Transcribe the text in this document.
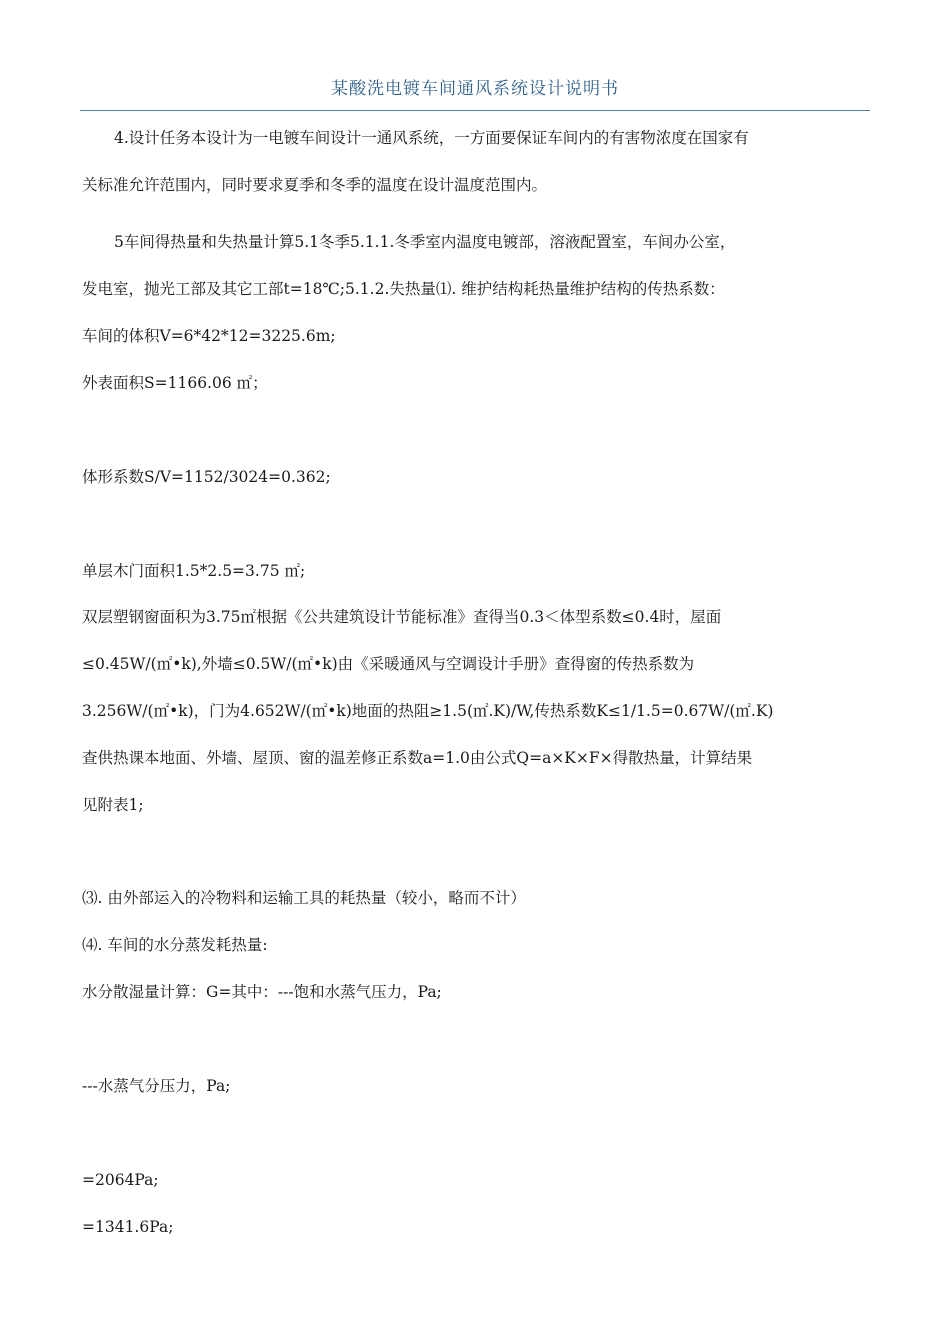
某酸洗电镀车间通风系统设计说明书
4.设计任务本设计为一电镀车间设计一通风系统，一方面要保证车间内的有害物浓度在国家有
关标准允许范围内，同时要求夏季和冬季的温度在设计温度范围内。
5车间得热量和失热量计算5.1冬季5.1.1.冬季室内温度电镀部，溶液配置室，车间办公室，
发电室，抛光工部及其它工部t=18℃;5.1.2.失热量⑴. 维护结构耗热量维护结构的传热系数：
车间的体积V=6*42*12=3225.6m;
外表面积S=1166.06 ㎡；
体形系数S/V=1152/3024=0.362;
单层木门面积1.5*2.5=3.75 ㎡;
双层塑钢窗面积为3.75㎡根据《公共建筑设计节能标准》查得当0.3＜体型系数≤0.4时，屋面
≤0.45W/(㎡•k),外墙≤0.5W/(㎡•k)由《采暖通风与空调设计手册》查得窗的传热系数为
3.256W/(㎡•k)，门为4.652W/(㎡•k)地面的热阻≥1.5(㎡.K)/W,传热系数K≤1/1.5=0.67W/(㎡.K)
查供热课本地面、外墙、屋顶、窗的温差修正系数a=1.0由公式Q=a×K×F×得散热量，计算结果
见附表1;
⑶. 由外部运入的冷物料和运输工具的耗热量（较小，略而不计）
⑷. 车间的水分蒸发耗热量:
水分散湿量计算：G=其中：---饱和水蒸气压力，Pa;
---水蒸气分压力，Pa;
=2064Pa;
=1341.6Pa;
